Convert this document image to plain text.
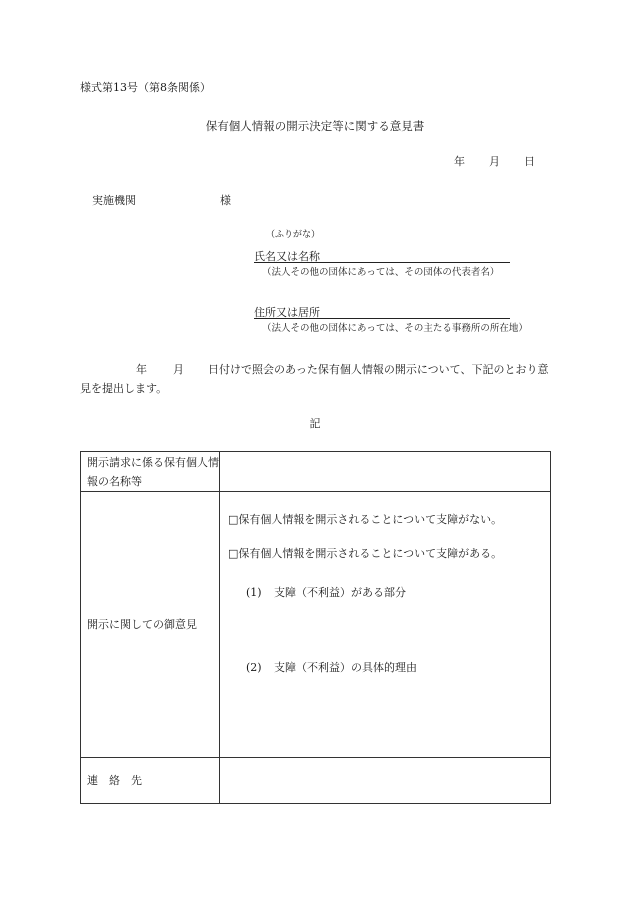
様式第13号（第8条関係）
保有個人情報の開示決定等に関する意見書
年 月 日
実施機関	様
（ふりがな）
氏名又は名称
（法人その他の団体にあっては、その団体の代表者名）
住所又は居所
（法人その他の団体にあっては、その主たる事務所の所在地）
年 月 日付けで照会のあった保有個人情報の開示について、下記のとおり意見を提出します。
記
開示請求に係る保有個人情報の名称等	
開示に関しての御意見	□保有個人情報を開示されることについて支障がない。
□保有個人情報を開示されることについて支障がある。
(1) 支障（不利益）がある部分
(2) 支障（不利益）の具体的理由

連　絡　先	
